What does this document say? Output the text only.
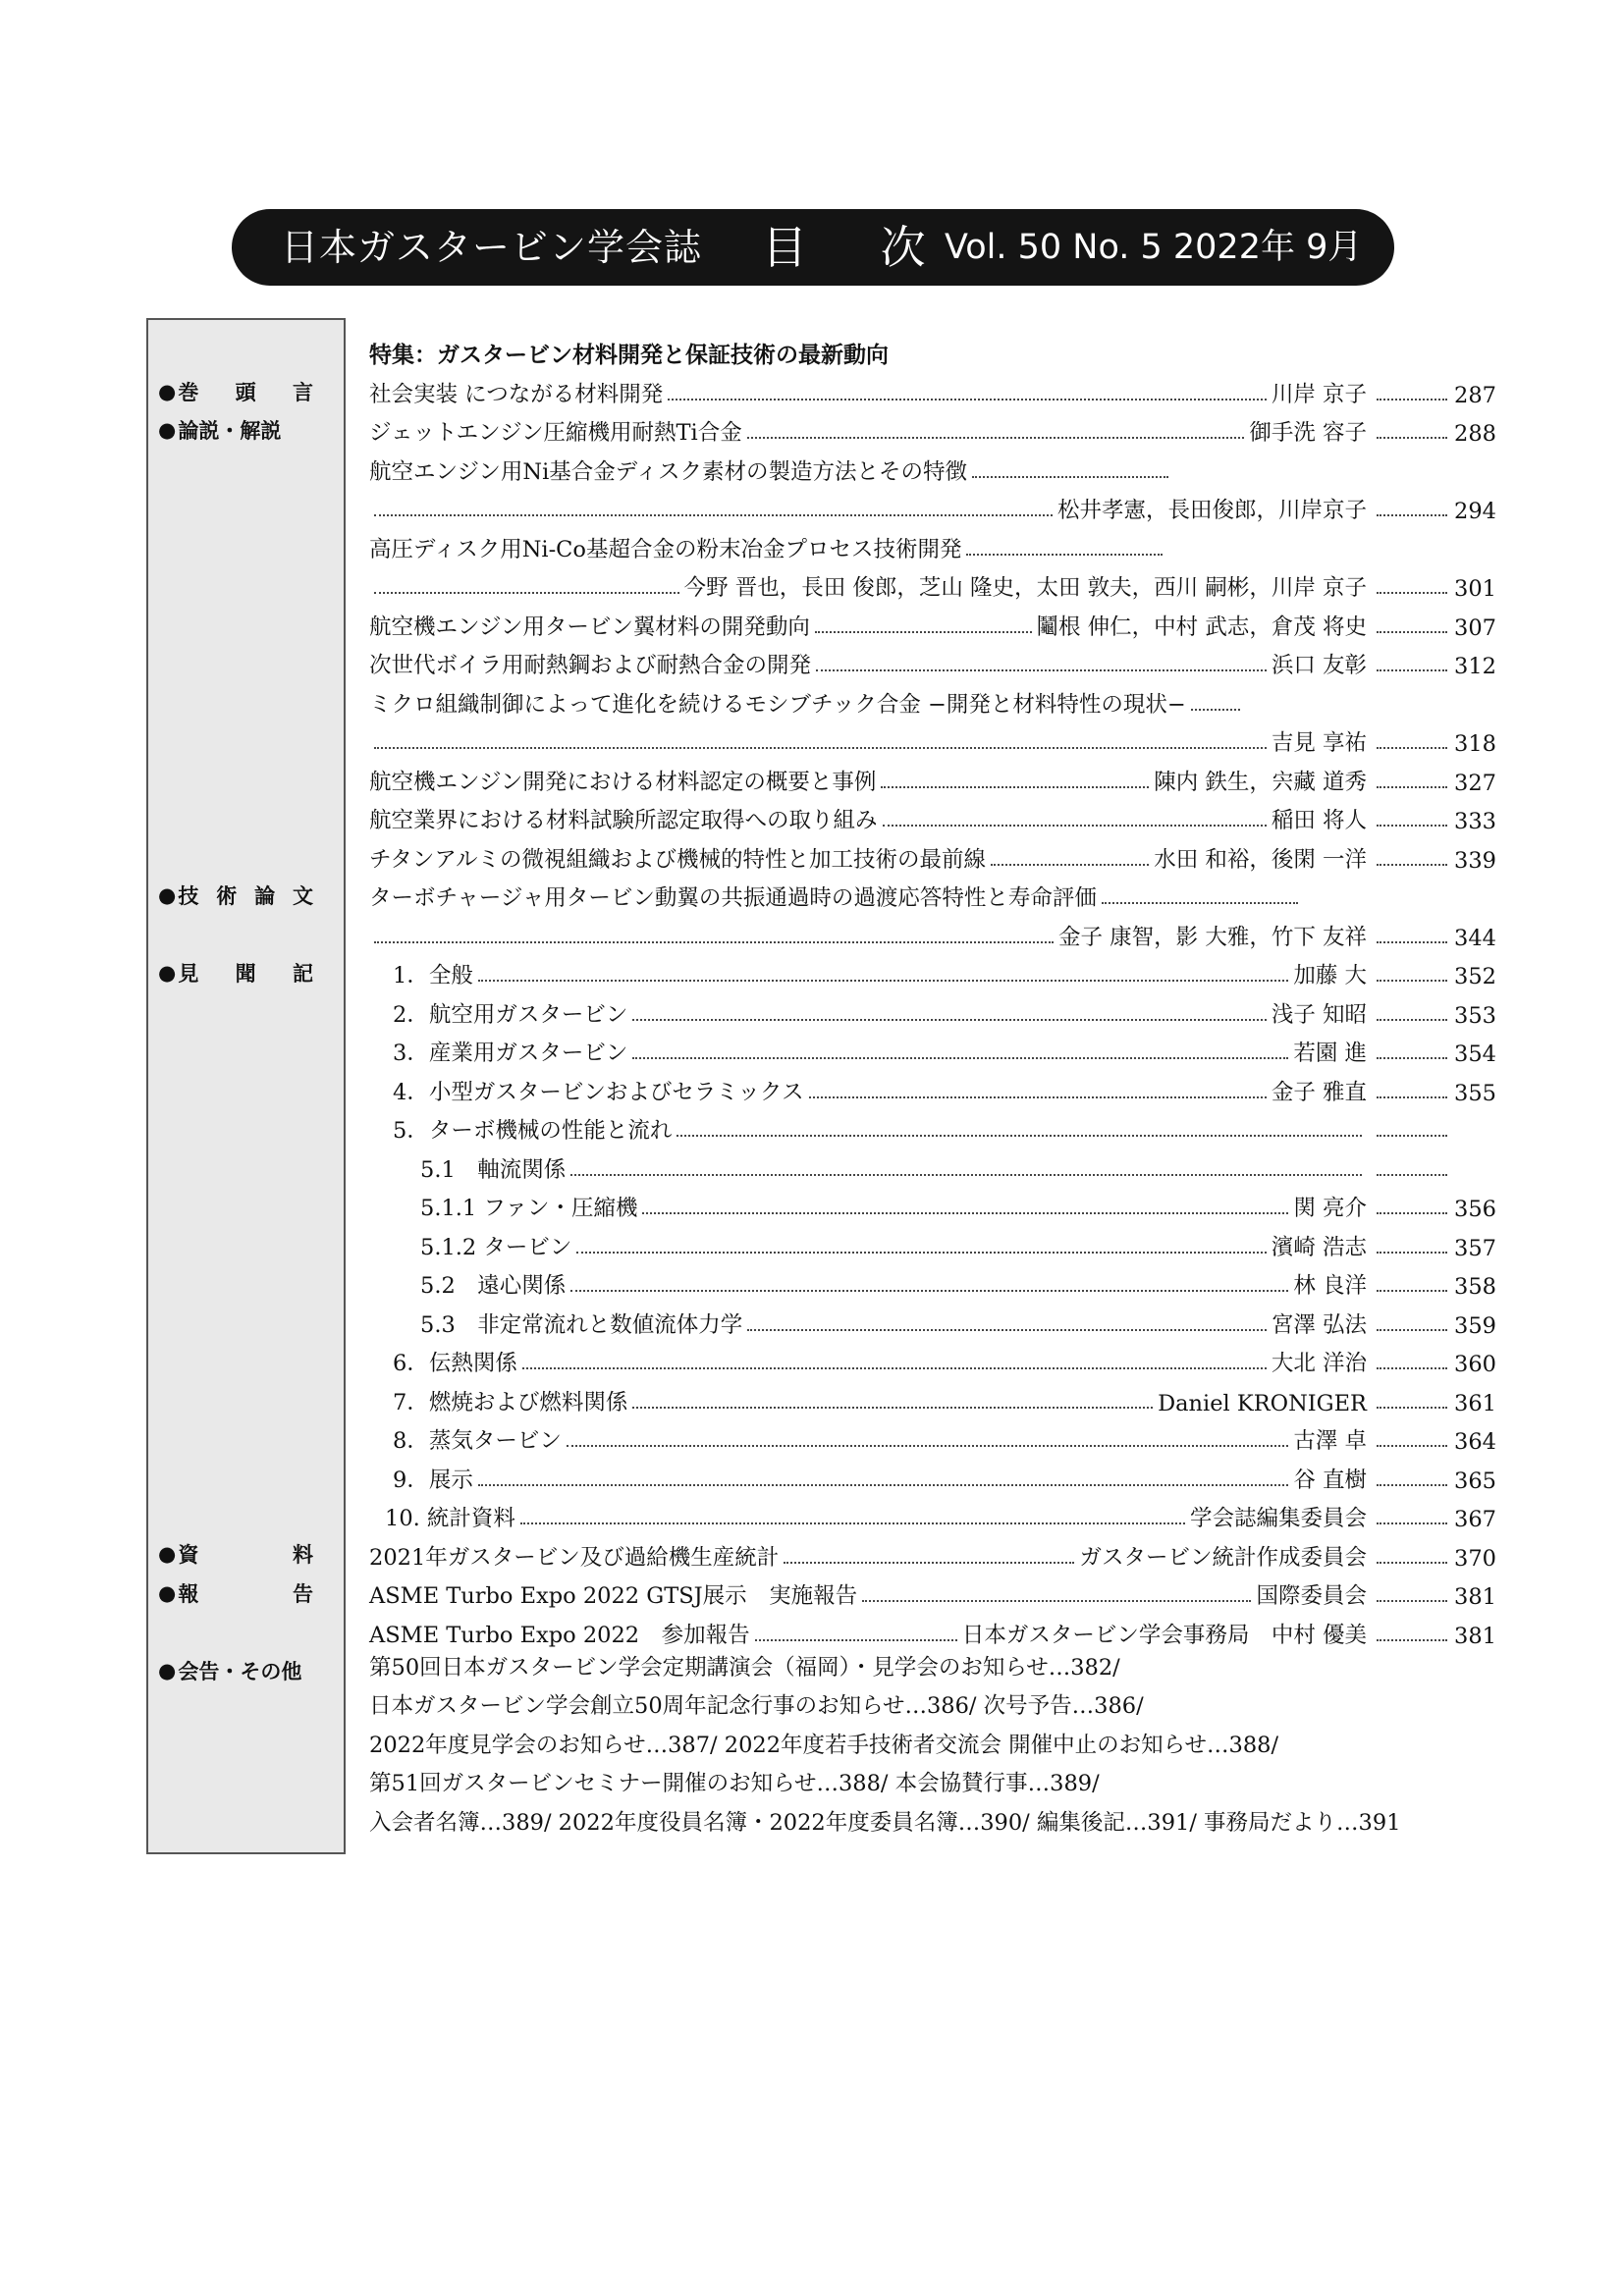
日本ガスタービン学会誌 目 次
Vol. 50 No. 5 2022年 9月
● 巻 頭 言
● 論説・解説
● 技 術 論 文
● 見 聞 記
● 資	料
● 報	告
● 会告・その他
特集：ガスタービン材料開発と保証技術の最新動向
社会実装 につながる材料開発	川岸 京子	287
ジェットエンジン圧縮機用耐熱Ti合金	御手洗 容子	288
航空エンジン用Ni基合金ディスク素材の製造方法とその特徴
松井孝憲，長田俊郎，川岸京子	294
高圧ディスク用Ni-Co基超合金の粉末冶金プロセス技術開発
今野 晋也，長田 俊郎，芝山 隆史，太田 敦夫，西川 嗣彬，川岸 京子	301
航空機エンジン用タービン翼材料の開発動向	鬮根 伸仁，中村 武志，倉茂 将史	307
次世代ボイラ用耐熱鋼および耐熱合金の開発	浜口 友彰	312
ミクロ組織制御によって進化を続けるモシブチック合金 −開発と材料特性の現状−
吉見 享祐	318
航空機エンジン開発における材料認定の概要と事例	陳内 鉄生，宍藏 道秀	327
航空業界における材料試験所認定取得への取り組み	稲田 将人	333
チタンアルミの微視組織および機械的特性と加工技術の最前線	水田 和裕，後閑 一洋	339
ターボチャージャ用タービン動翼の共振通過時の過渡応答特性と寿命評価
金子 康智，影 大雅，竹下 友祥	344
1．全般	加藤 大	352
2．航空用ガスタービン	浅子 知昭	353
3．産業用ガスタービン	若園 進	354
4．小型ガスタービンおよびセラミックス	金子 雅直	355
5．ターボ機械の性能と流れ
5.1　軸流関係
5.1.1 ファン・圧縮機	関 亮介	356
5.1.2 タービン	濱崎 浩志	357
5.2　遠心関係	林 良洋	358
5.3　非定常流れと数値流体力学	宮澤 弘法	359
6．伝熱関係	大北 洋治	360
7．燃焼および燃料関係	Daniel KRONIGER	361
8．蒸気タービン	古澤 卓	364
9．展示	谷 直樹	365
10. 統計資料	学会誌編集委員会	367
2021年ガスタービン及び過給機生産統計	ガスタービン統計作成委員会	370
ASME Turbo Expo 2022 GTSJ展示　実施報告	国際委員会	381
ASME Turbo Expo 2022　参加報告	日本ガスタービン学会事務局　中村 優美	381
第50回日本ガスタービン学会定期講演会（福岡）・見学会のお知らせ…382/
日本ガスタービン学会創立50周年記念行事のお知らせ…386/ 次号予告…386/
2022年度見学会のお知らせ…387/ 2022年度若手技術者交流会 開催中止のお知らせ…388/
第51回ガスタービンセミナー開催のお知らせ…388/ 本会協賛行事…389/
入会者名簿…389/ 2022年度役員名簿・2022年度委員名簿…390/ 編集後記…391/ 事務局だより…391
